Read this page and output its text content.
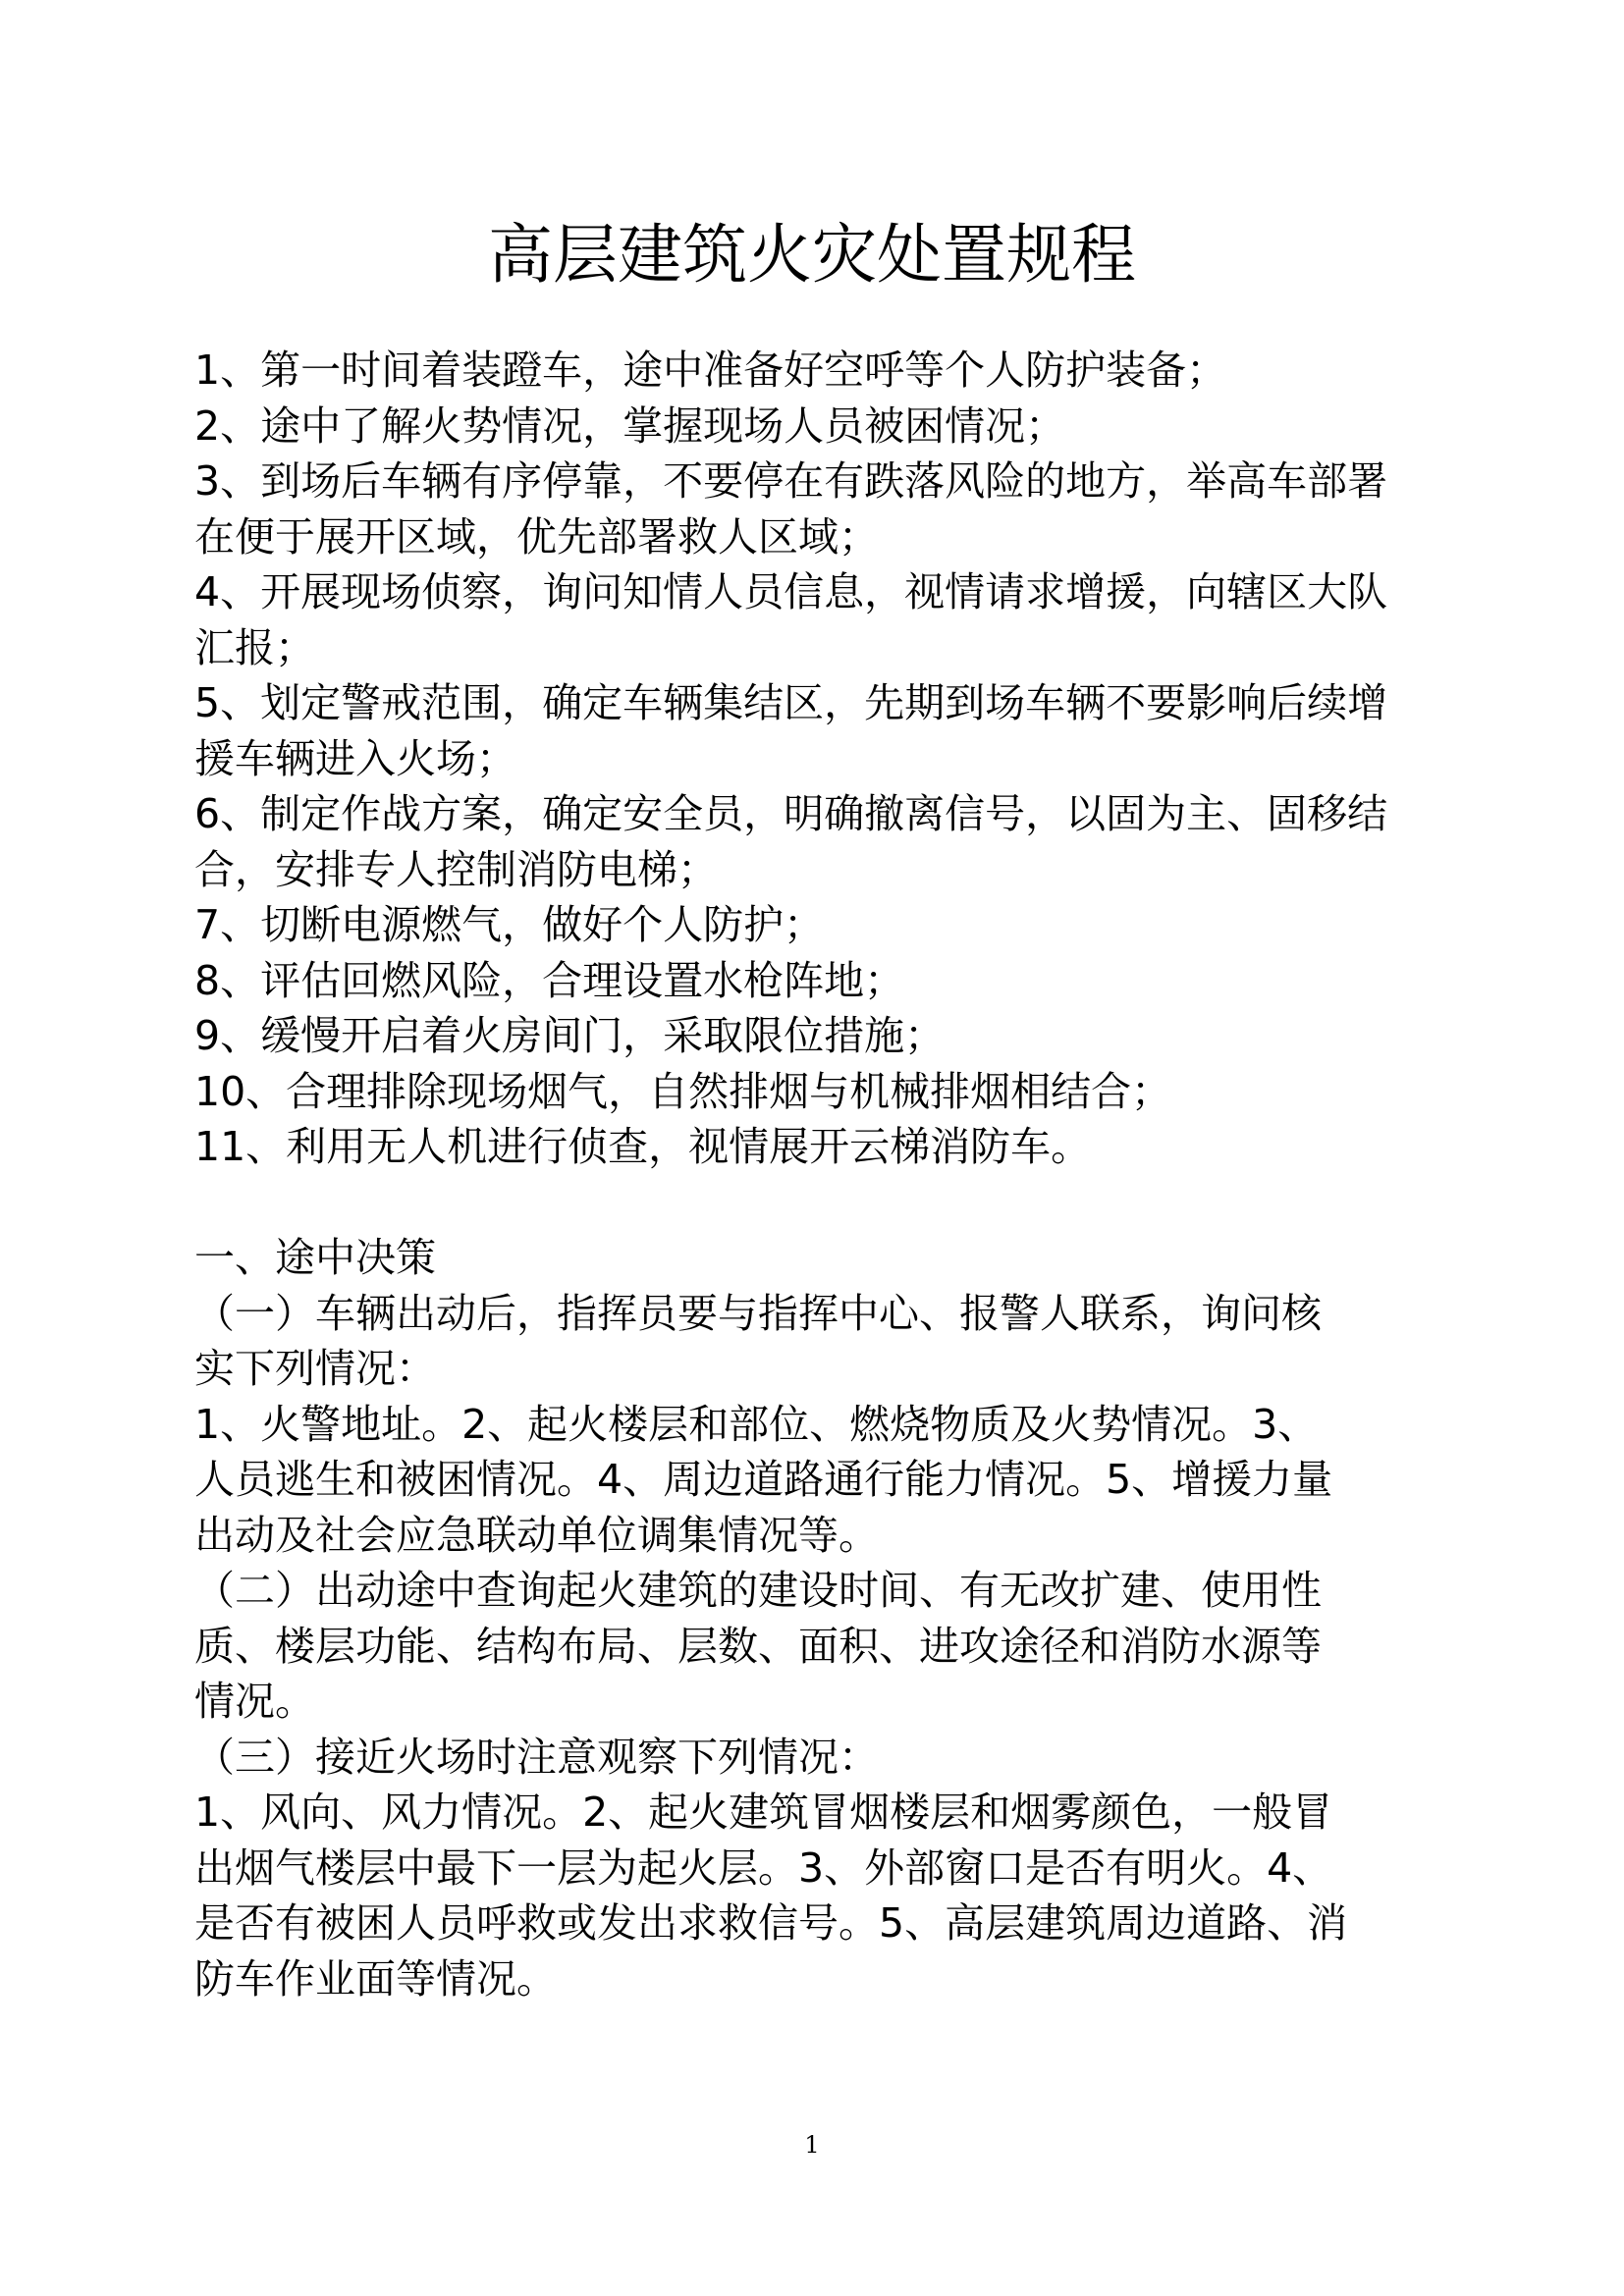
高层建筑火灾处置规程
1、第一时间着装蹬车，途中准备好空呼等个人防护装备；
2、途中了解火势情况，掌握现场人员被困情况；
3、到场后车辆有序停靠，不要停在有跌落风险的地方，举高车部署
在便于展开区域，优先部署救人区域；
4、开展现场侦察，询问知情人员信息，视情请求增援，向辖区大队
汇报；
5、划定警戒范围，确定车辆集结区，先期到场车辆不要影响后续增
援车辆进入火场；
6、制定作战方案，确定安全员，明确撤离信号，以固为主、固移结
合，安排专人控制消防电梯；
7、切断电源燃气，做好个人防护；
8、评估回燃风险，合理设置水枪阵地；
9、缓慢开启着火房间门，采取限位措施；
10、合理排除现场烟气，自然排烟与机械排烟相结合；
11、利用无人机进行侦查，视情展开云梯消防车。
一、途中决策
（一）车辆出动后，指挥员要与指挥中心、报警人联系，询问核
实下列情况：
1、火警地址。2、起火楼层和部位、燃烧物质及火势情况。3、
人员逃生和被困情况。4、周边道路通行能力情况。5、增援力量
出动及社会应急联动单位调集情况等。
（二）出动途中查询起火建筑的建设时间、有无改扩建、使用性
质、楼层功能、结构布局、层数、面积、进攻途径和消防水源等
情况。
（三）接近火场时注意观察下列情况：
1、风向、风力情况。2、起火建筑冒烟楼层和烟雾颜色，一般冒
出烟气楼层中最下一层为起火层。3、外部窗口是否有明火。4、
是否有被困人员呼救或发出求救信号。5、高层建筑周边道路、消
防车作业面等情况。
1
